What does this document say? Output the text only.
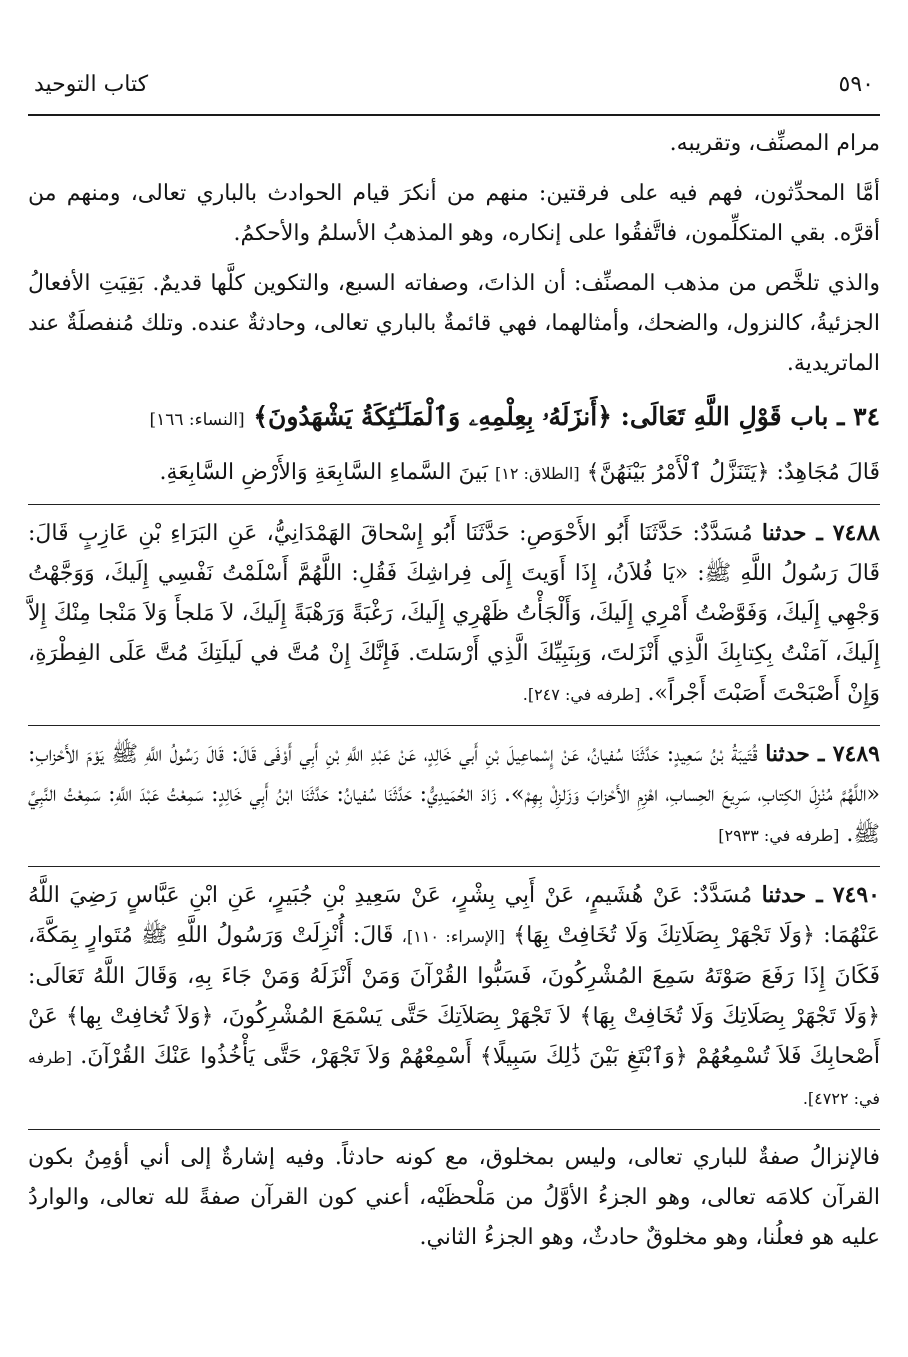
٥٩٠
كتاب التوحيد

مرام المصنِّف، وتقريبه.

أمَّا المحدِّثون، فهم فيه على فرقتين: منهم من أنكرَ قيام الحوادث بالباري تعالى، ومنهم من أقرَّه. بقي المتكلِّمون، فاتَّفقُوا على إنكاره، وهو المذهبُ الأسلمُ والأحكمُ.

والذي تلخَّص من مذهب المصنِّف: أن الذاتَ، وصفاته السبع، والتكوين كلَّها قديمٌ. بَقِيَتِ الأفعالُ الجزئيةُ، كالنزول، والضحك، وأمثالهما، فهي قائمةٌ بالباري تعالى، وحادثةٌ عنده. وتلك مُنفصلَةٌ عند الماتريدية.

٣٤ ـ باب قَوْلِ اللَّهِ تَعَالَى: ﴿ أَنزَلَهُۥ بِعِلْمِهِۦ وَٱلْمَلَـٰٓئِكَةُ يَشْهَدُونَ ﴾ [النساء: ١٦٦]

قَالَ مُجَاهِدٌ: ﴿ يَتَنَزَّلُ ٱلْأَمْرُ بَيْنَهُنَّ ﴾ [الطلاق: ١٢] بَينَ السَّماءِ السَّابِعَةِ وَالأَرْضِ السَّابِعَةِ.

٧٤٨٨ ـ حدثنا مُسَدَّدٌ: حَدَّثَنَا أَبُو الأَحْوَصِ: حَدَّثَنَا أَبُو إِسْحاقَ الهَمْدَانِيُّ، عَنِ البَرَاءِ بْنِ عَازِبٍ قَالَ: قَالَ رَسُولُ اللَّهِ ﷺ: «يَا فُلاَنُ، إِذَا أَوَيتَ إِلَى فِراشِكَ فَقُلِ: اللَّهُمَّ أَسْلَمْتُ نَفْسِي إِلَيكَ، وَوَجَّهْتُ وَجْهِي إِلَيكَ، وَفَوَّضْتُ أَمْرِي إِلَيكَ، وَأَلْجَأْتُ ظَهْرِي إِلَيكَ، رَغْبَةً وَرَهْبَةً إِلَيكَ، لاَ مَلجأَ وَلاَ مَنْجا مِنْكَ إِلاَّ إِلَيكَ، آمَنْتُ بِكِتابِكَ الَّذِي أَنْزَلتَ، وَبِنَبِيِّكَ الَّذِي أَرْسَلتَ. فَإِنَّكَ إِنْ مُتَّ في لَيلَتِكَ مُتَّ عَلَى الفِطْرَةِ، وَإِنْ أَصْبَحْتَ أَصَبْتَ أَجْراً». [طرفه في: ٢٤٧].

٧٤٨٩ ـ حدثنا قُتَيبَةُ بْنُ سَعِيدٍ: حَدَّثَنَا سُفيانُ، عَنْ إِسْماعِيلَ بْنِ أَبي خَالِدٍ، عَنْ عَبْدِ اللَّهِ بْنِ أَبِي أَوْفَى قَالَ: قَالَ رَسُولُ اللَّهِ ﷺ يَوْمَ الأَحْزابِ: «اللَّهُمَّ مُنْزِلَ الكِتابِ، سَرِيعَ الحِسابِ، اهْزِمِ الأَحْزابَ وَزَلزِلْ بِهِمْ». زَادَ الحُمَيدِيُّ: حَدَّثَنَا سُفيانُ: حَدَّثَنَا ابْنُ أَبِي خَالِدٍ: سَمِعْتُ عَبْدَ اللَّهِ: سَمِعْتُ النَّبِيَّ ﷺ. [طرفه في: ٢٩٣٣]

٧٤٩٠ ـ حدثنا مُسَدَّدٌ: عَنْ هُشَيمٍ، عَنْ أَبِي بِشْرٍ، عَنْ سَعِيدِ بْنِ جُبَيرٍ، عَنِ ابْنِ عَبَّاسٍ رَضِيَ اللَّهُ عَنْهُمَا: ﴿ وَلَا تَجْهَرْ بِصَلَاتِكَ وَلَا تُخَافِتْ بِهَا ﴾ [الإسراء: ١١٠]، قَالَ: أُنْزِلَتْ وَرَسُولُ اللَّهِ ﷺ مُتَوارٍ بِمَكَّةَ، فَكَانَ إِذَا رَفَعَ صَوْتَهُ سَمِعَ المُشْرِكُونَ، فَسَبُّوا القُرْآنَ وَمَنْ أَنْزَلَهُ وَمَنْ جَاءَ بِهِ، وَقَالَ اللَّهُ تَعَالَى: ﴿ وَلَا تَجْهَرْ بِصَلَاتِكَ وَلَا تُخَافِتْ بِهَا ﴾ لاَ تَجْهَرْ بِصَلاَتِكَ حَتَّى يَسْمَعَ المُشْرِكُونَ، ﴿ وَلاَ تُخافِتْ بِها ﴾ عَنْ أَصْحابِكَ فَلاَ تُسْمِعُهُمْ ﴿ وَٱبْتَغِ بَيْنَ ذَٰلِكَ سَبِيلًا ﴾ أَسْمِعْهُمْ وَلاَ تَجْهَرْ، حَتَّى يَأْخُذُوا عَنْكَ القُرْآنَ. [طرفه في: ٤٧٢٢].

فالإنزالُ صفةٌ للباري تعالى، وليس بمخلوق، مع كونه حادثاً. وفيه إشارةٌ إلى أني أؤمِنُ بكون القرآن كلامَه تعالى، وهو الجزءُ الأوَّلُ من مَلْحظَيْه، أعني كون القرآن صفةً لله تعالى، والواردُ عليه هو فعلُنا، وهو مخلوقٌ حادثٌ، وهو الجزءُ الثاني.
